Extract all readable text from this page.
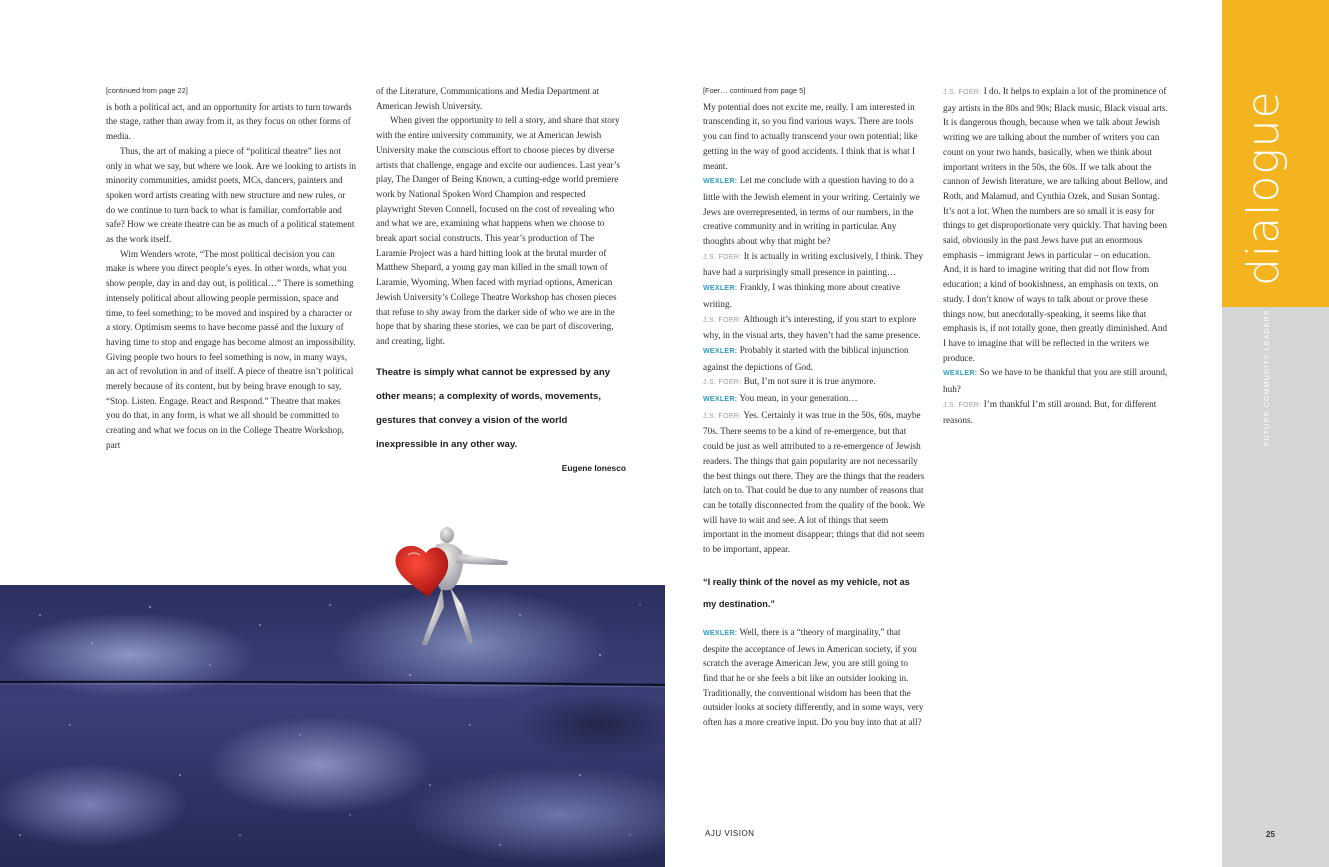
[continued from page 22]

is both a political act, and an opportunity for artists to turn towards the stage, rather than away from it, as they focus on other forms of media.

Thus, the art of making a piece of “political theatre” lies not only in what we say, but where we look. Are we looking to artists in minority communities, amidst poets, MCs, dancers, painters and spoken word artists creating with new structure and new rules, or do we continue to turn back to what is familiar, comfortable and safe? How we create theatre can be as much of a political statement as the work itself.

Wim Wenders wrote, “The most political decision you can make is where you direct people’s eyes. In other words, what you show people, day in and day out, is political…” There is something intensely political about allowing people permission, space and time, to feel something; to be moved and inspired by a character or a story. Optimism seems to have become passé and the luxury of having time to stop and engage has become almost an impossibility. Giving people two hours to feel something is now, in many ways, an act of revolution in and of itself. A piece of theatre isn’t political merely because of its content, but by being brave enough to say, “Stop. Listen. Engage. React and Respond.” Theatre that makes you do that, in any form, is what we all should be committed to creating and what we focus on in the College Theatre Workshop, part

of the Literature, Communications and Media Department at American Jewish University.

When given the opportunity to tell a story, and share that story with the entire university community, we at American Jewish University make the conscious effort to choose pieces by diverse artists that challenge, engage and excite our audiences. Last year’s play, The Danger of Being Known, a cutting-edge world premiere work by National Spoken Word Champion and respected playwright Steven Connell, focused on the cost of revealing who and what we are, examining what happens when we choose to break apart social constructs. This year’s production of The Laramie Project was a hard hitting look at the brutal murder of Matthew Shepard, a young gay man killed in the small town of Laramie, Wyoming. When faced with myriad options, American Jewish University’s College Theatre Workshop has chosen pieces that refuse to shy away from the darker side of who we are in the hope that by sharing these stories, we can be part of discovering, and creating, light.

Theatre is simply what cannot be expressed by any other means; a complexity of words, movements, gestures that convey a vision of the world inexpressible in any other way.
Eugene Ionesco
[Foer… continued from page 5]

My potential does not excite me, really. I am interested in transcending it, so you find various ways. There are tools you can find to actually transcend your own potential; like getting in the way of good accidents. I think that is what I meant.

WEXLER: Let me conclude with a question having to do a little with the Jewish element in your writing. Certainly we Jews are overrepresented, in terms of our numbers, in the creative community and in writing in particular. Any thoughts about why that might be?

J.S. FOER: It is actually in writing exclusively, I think. They have had a surprisingly small presence in painting…

WEXLER: Frankly, I was thinking more about creative writing.

J.S. FOER: Although it’s interesting, if you start to explore why, in the visual arts, they haven’t had the same presence.

WEXLER: Probably it started with the biblical injunction against the depictions of God.

J.S. FOER: But, I’m not sure it is true anymore.

WEXLER: You mean, in your generation…

J.S. FOER: Yes. Certainly it was true in the 50s, 60s, maybe 70s. There seems to be a kind of re-emergence, but that could be just as well attributed to a re-emergence of Jewish readers. The things that gain popularity are not necessarily the best things out there. They are the things that the readers latch on to. That could be due to any number of reasons that can be totally disconnected from the quality of the book. We will have to wait and see. A lot of things that seem important in the moment disappear; things that did not seem to be important, appear.

“I really think of the novel as my vehicle, not as my destination.”

WEXLER: Well, there is a “theory of marginality,” that despite the acceptance of Jews in American society, if you scratch the average American Jew, you are still going to find that he or she feels a bit like an outsider looking in. Traditionally, the conventional wisdom has been that the outsider looks at society differently, and in some ways, very often has a more creative input. Do you buy into that at all?

J.S. FOER: I do. It helps to explain a lot of the prominence of gay artists in the 80s and 90s; Black music, Black visual arts. It is dangerous though, because when we talk about Jewish writing we are talking about the number of writers you can count on your two hands, basically, when we think about important writers in the 50s, the 60s. If we talk about the cannon of Jewish literature, we are talking about Bellow, and Roth, and Malamud, and Cynthia Ozek, and Susan Sontag. It’s not a lot. When the numbers are so small it is easy for things to get disproportionate very quickly. That having been said, obviously in the past Jews have put an enormous emphasis – immigrant Jews in particular – on education. And, it is hard to imagine writing that did not flow from education; a kind of bookishness, an emphasis on texts, on study. I don’t know of ways to talk about or prove these things now, but anecdotally-speaking, it seems like that emphasis is, if not totally gone, then greatly diminished. And I have to imagine that will be reflected in the writers we produce.

WEXLER: So we have to be thankful that you are still around, huh?

J.S. FOER: I’m thankful I’m still around. But, for different reasons.

AJU VISION
dialogue
FUTURE COMMUNITY LEADERS
25
